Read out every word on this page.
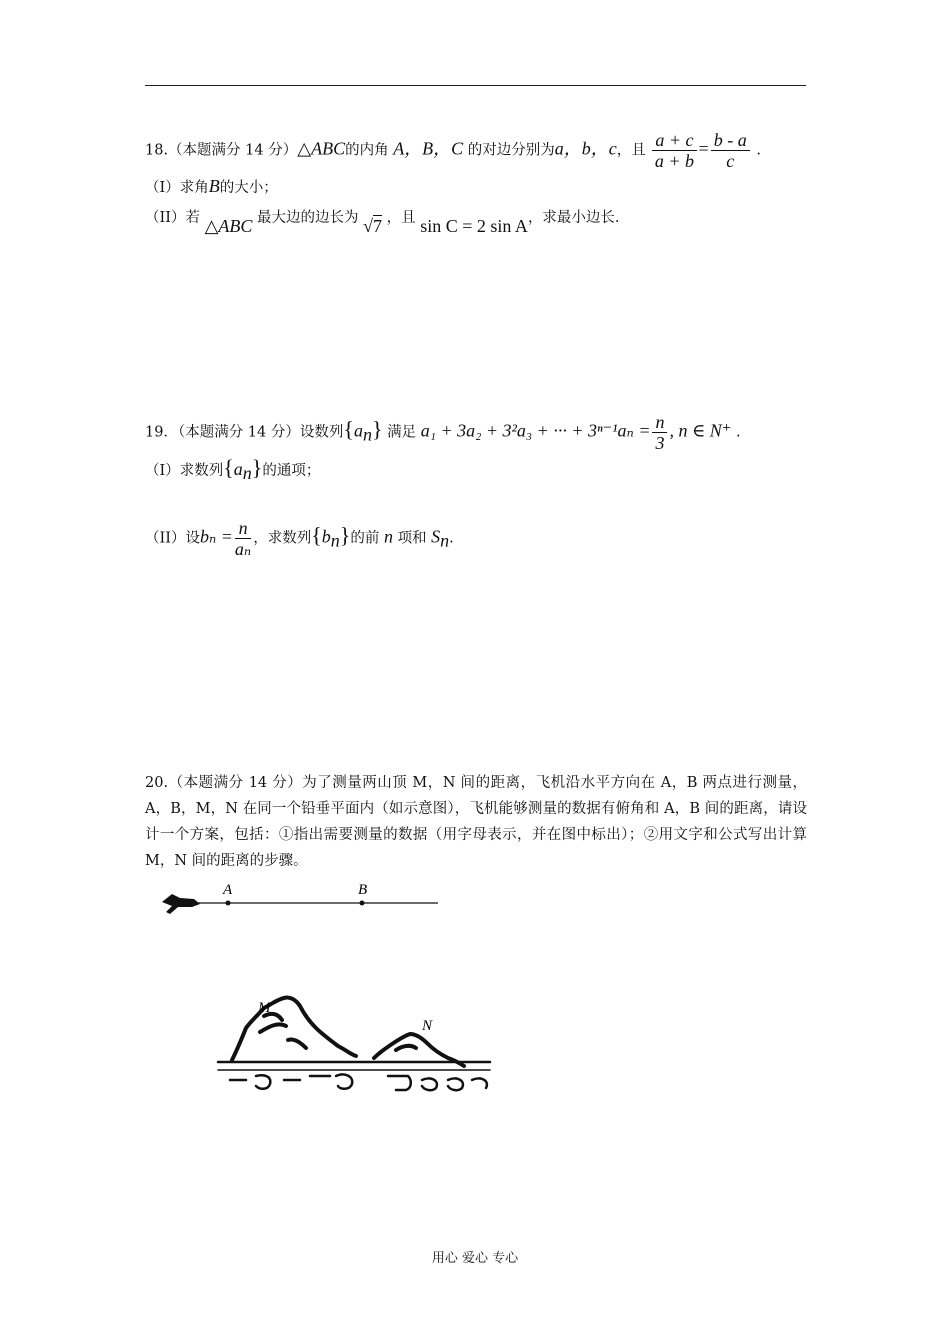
18.（本题满分 14 分）△ABC的内角 A，B，C 的对边分别为a，b，c，且 $\frac{a + c}{a + b} = \frac{b - a}{c}$ .
（I）求角B的大小；
（II）若 △ABC 最大边的边长为 √7 ，且 sin C = 2 sin A，求最小边长.
19．（本题满分 14 分）设数列$\{a_n\}$ 满足 a₁ + 3a₂ + 3²a₃ + ··· + $3^{n-1}a_n = \frac{n}{3}$ , n ∈ N⁺ .
（I）求数列$\{a_n\}$的通项；
（II）设$b_n = \frac{n}{\text{aₙ}}$ ，求数列$\{b_n\}$的前 n 项和 $S_n$.
20.（本题满分 14 分）为了测量两山顶 M，N 间的距离，飞机沿水平方向在 A，B 两点进行测量，A，B，M，N 在同一个铅垂平面内（如示意图），飞机能够测量的数据有俯角和 A，B 间的距离，请设计一个方案，包括：①指出需要测量的数据（用字母表示，并在图中标出）；②用文字和公式写出计算 M，N 间的距离的步骤。
A	B
M
N
用心 爱心 专心
